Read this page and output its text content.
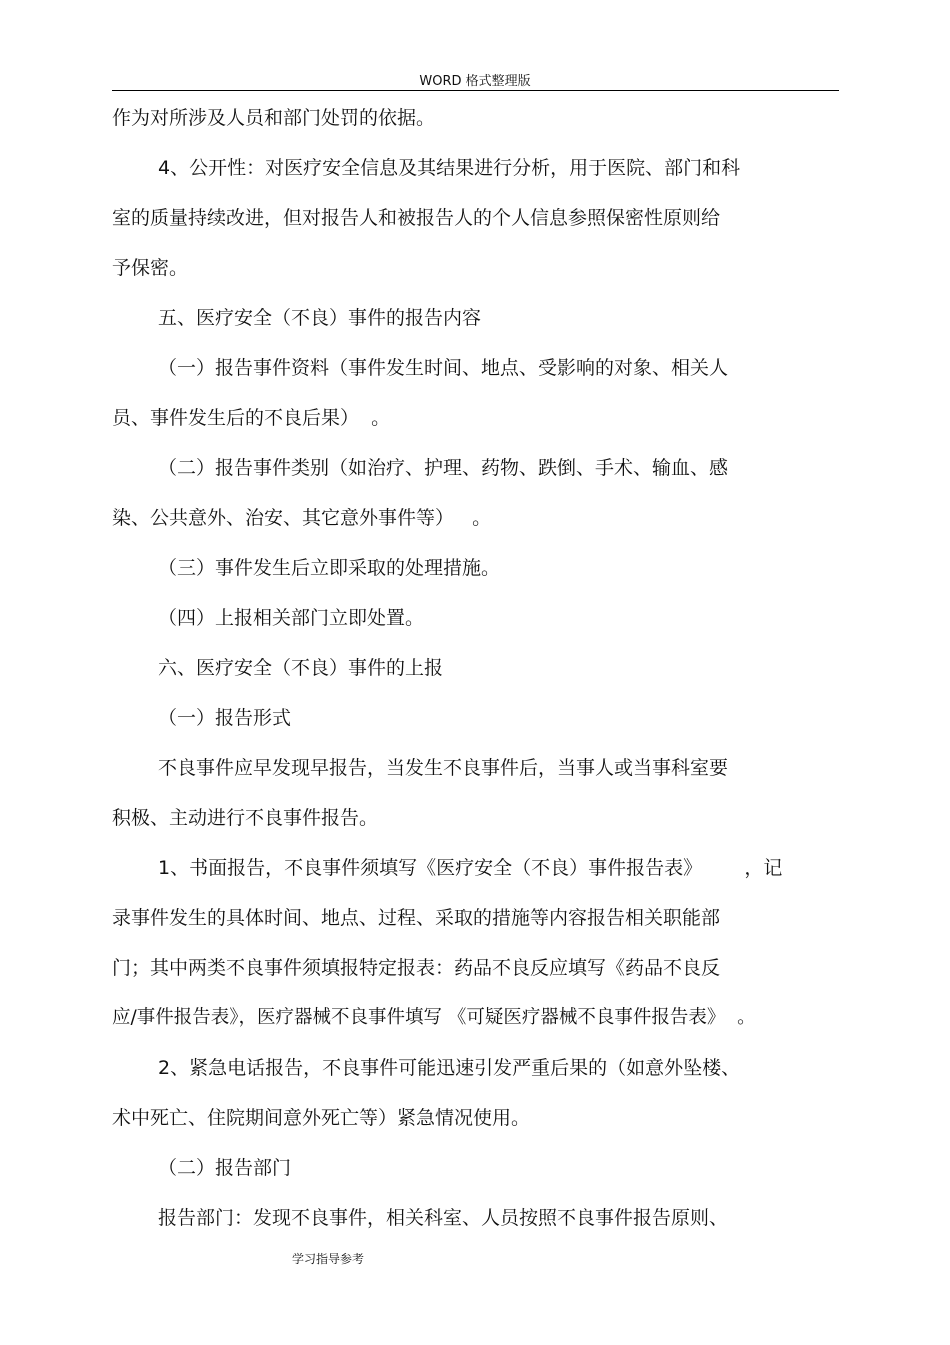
WORD 格式整理版

作为对所涉及人员和部门处罚的依据。

4、公开性：对医疗安全信息及其结果进行分析，用于医院、部门和科

室的质量持续改进，但对报告人和被报告人的个人信息参照保密性原则给

予保密。

五、医疗安全（不良）事件的报告内容

（一）报告事件资料（事件发生时间、地点、受影响的对象、相关人

员、事件发生后的不良后果）  。

（二）报告事件类别（如治疗、护理、药物、跌倒、手术、输血、感

染、公共意外、治安、其它意外事件等）   。

（三）事件发生后立即采取的处理措施。

（四）上报相关部门立即处置。

六、医疗安全（不良）事件的上报

（一）报告形式

不良事件应早发现早报告，当发生不良事件后，当事人或当事科室要

积极、主动进行不良事件报告。

1、书面报告，不良事件须填写《医疗安全（不良）事件报告表》       ，记

录事件发生的具体时间、地点、过程、采取的措施等内容报告相关职能部

门；其中两类不良事件须填报特定报表：药品不良反应填写《药品不良反

应/事件报告表》，医疗器械不良事件填写 《可疑医疗器械不良事件报告表》  。

2、紧急电话报告，不良事件可能迅速引发严重后果的（如意外坠楼、

术中死亡、住院期间意外死亡等）紧急情况使用。

（二）报告部门

报告部门：发现不良事件，相关科室、人员按照不良事件报告原则、

学习指导参考
